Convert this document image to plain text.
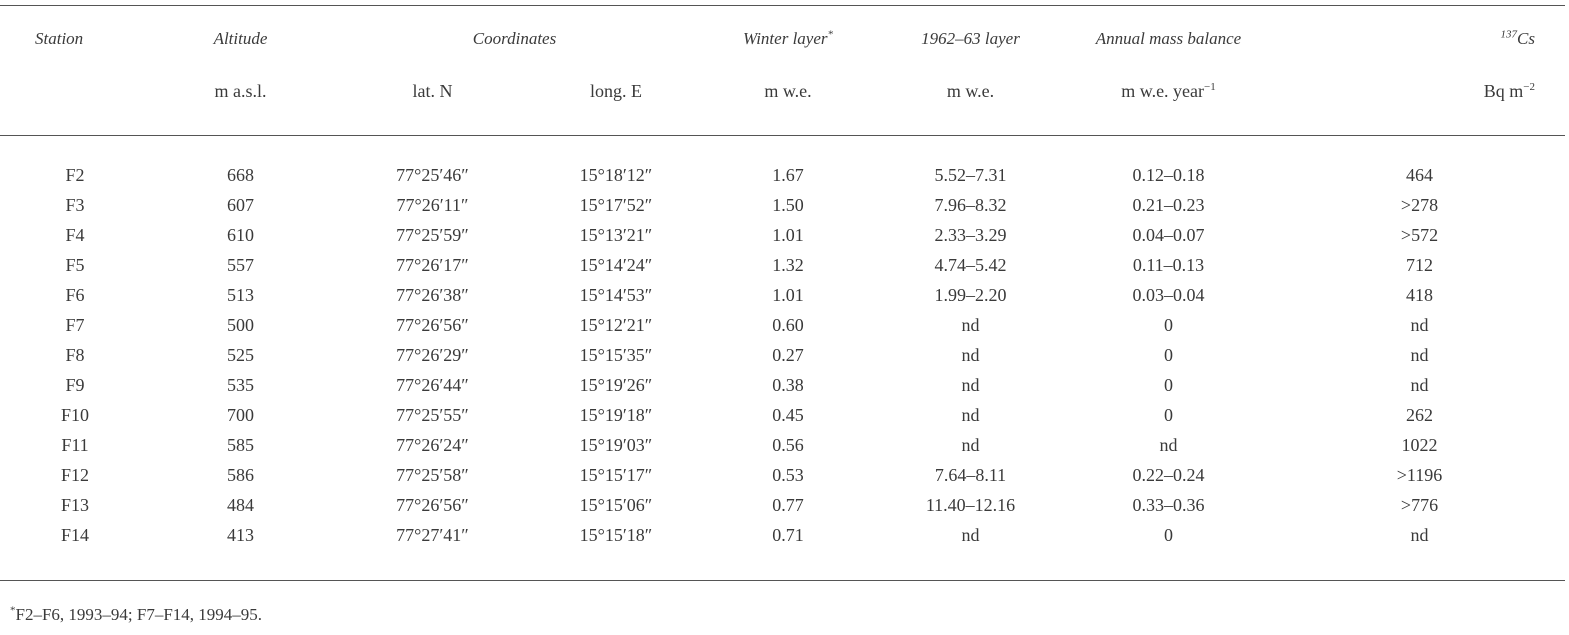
Station	Altitude	Coordinates		Winter layer*	1962–63 layer	Annual mass balance	$^{137}$Cs
	m a.s.l.	lat. N	long. E	m w.e.	m w.e.	m w.e. year$^{-1}$	Bq $m^{-2}$

F2	668	77°25′46″	15°18′12″	1.67	5.52–7.31	0.12–0.18	464
F3	607	77°26′11″	15°17′52″	1.50	7.96–8.32	0.21–0.23	>278
F4	610	77°25′59″	15°13′21″	1.01	2.33–3.29	0.04–0.07	>572
F5	557	77°26′17″	15°14′24″	1.32	4.74–5.42	0.11–0.13	712
F6	513	77°26′38″	15°14′53″	1.01	1.99–2.20	0.03–0.04	418
F7	500	77°26′56″	15°12′21″	0.60	nd	0	nd
F8	525	77°26′29″	15°15′35″	0.27	nd	0	nd
F9	535	77°26′44″	15°19′26″	0.38	nd	0	nd
F10	700	77°25′55″	15°19′18″	0.45	nd	0	262
F11	585	77°26′24″	15°19′03″	0.56	nd	nd	1022
F12	586	77°25′58″	15°15′17″	0.53	7.64–8.11	0.22–0.24	>1196
F13	484	77°26′56″	15°15′06″	0.77	11.40–12.16	0.33–0.36	>776
F14	413	77°27′41″	15°15′18″	0.71	nd	0	nd
*F2–F6, 1993–94; F7–F14, 1994–95.
